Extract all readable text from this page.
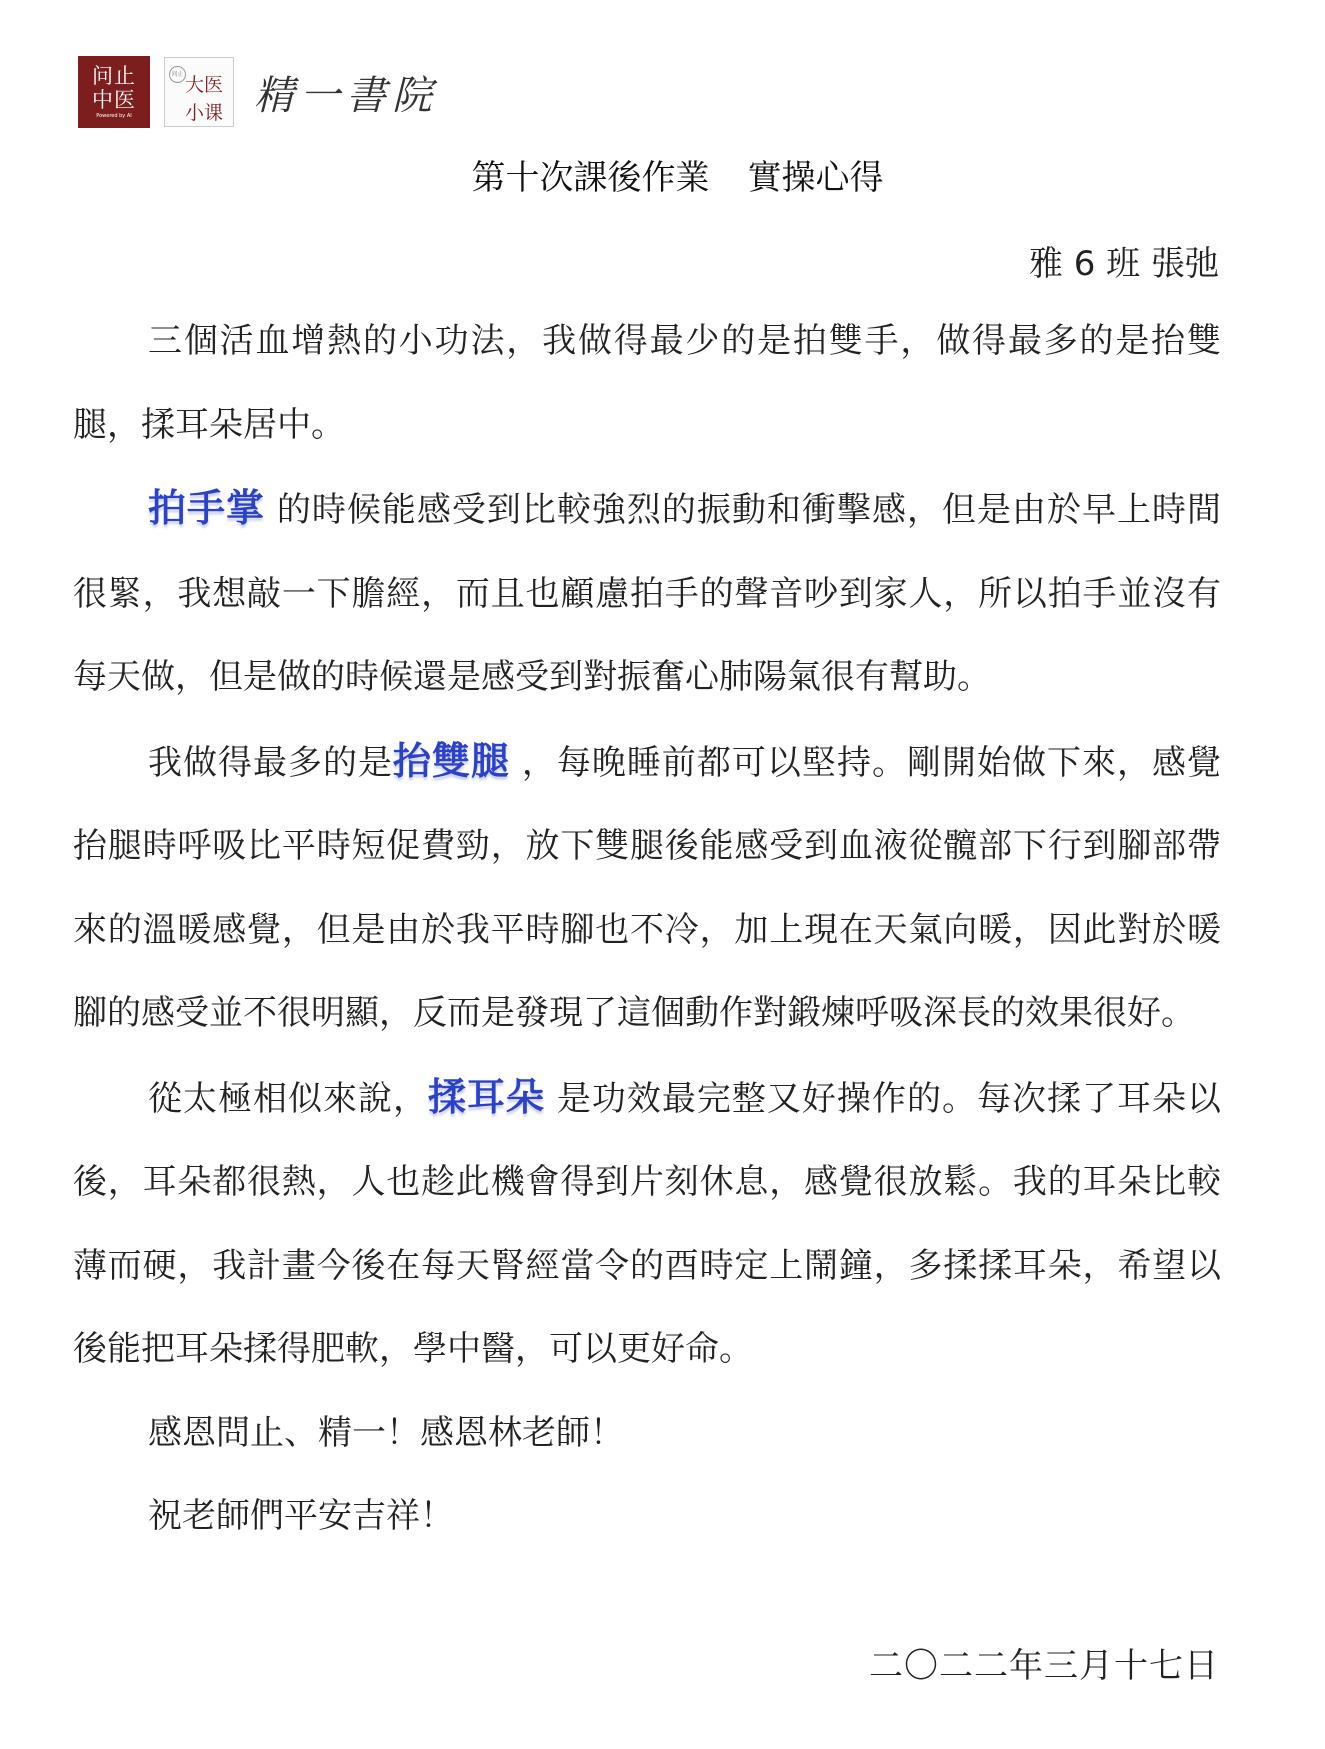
问止
中医
Powered by AI
问止 大医
小课 精一書院
第十次課後作業 實操心得
雅 6 班 張弛

三個活血增熱的小功法，我做得最少的是拍雙手，做得最多的是抬雙腿，揉耳朵居中。

拍手掌 的時候能感受到比較強烈的振動和衝擊感，但是由於早上時間很緊，我想敲一下膽經，而且也顧慮拍手的聲音吵到家人，所以拍手並沒有每天做，但是做的時候還是感受到對振奮心肺陽氣很有幫助。

我做得最多的是抬雙腿 ，每晚睡前都可以堅持。剛開始做下來，感覺抬腿時呼吸比平時短促費勁，放下雙腿後能感受到血液從髖部下行到腳部帶來的溫暖感覺，但是由於我平時腳也不冷，加上現在天氣向暖，因此對於暖腳的感受並不很明顯，反而是發現了這個動作對鍛煉呼吸深長的效果很好。

從太極相似來說，揉耳朵 是功效最完整又好操作的。每次揉了耳朵以後，耳朵都很熱，人也趁此機會得到片刻休息，感覺很放鬆。我的耳朵比較薄而硬，我計畫今後在每天腎經當令的酉時定上鬧鐘，多揉揉耳朵，希望以後能把耳朵揉得肥軟，學中醫，可以更好命。

感恩問止、精一！感恩林老師！

祝老師們平安吉祥！

二〇二二年三月十七日
